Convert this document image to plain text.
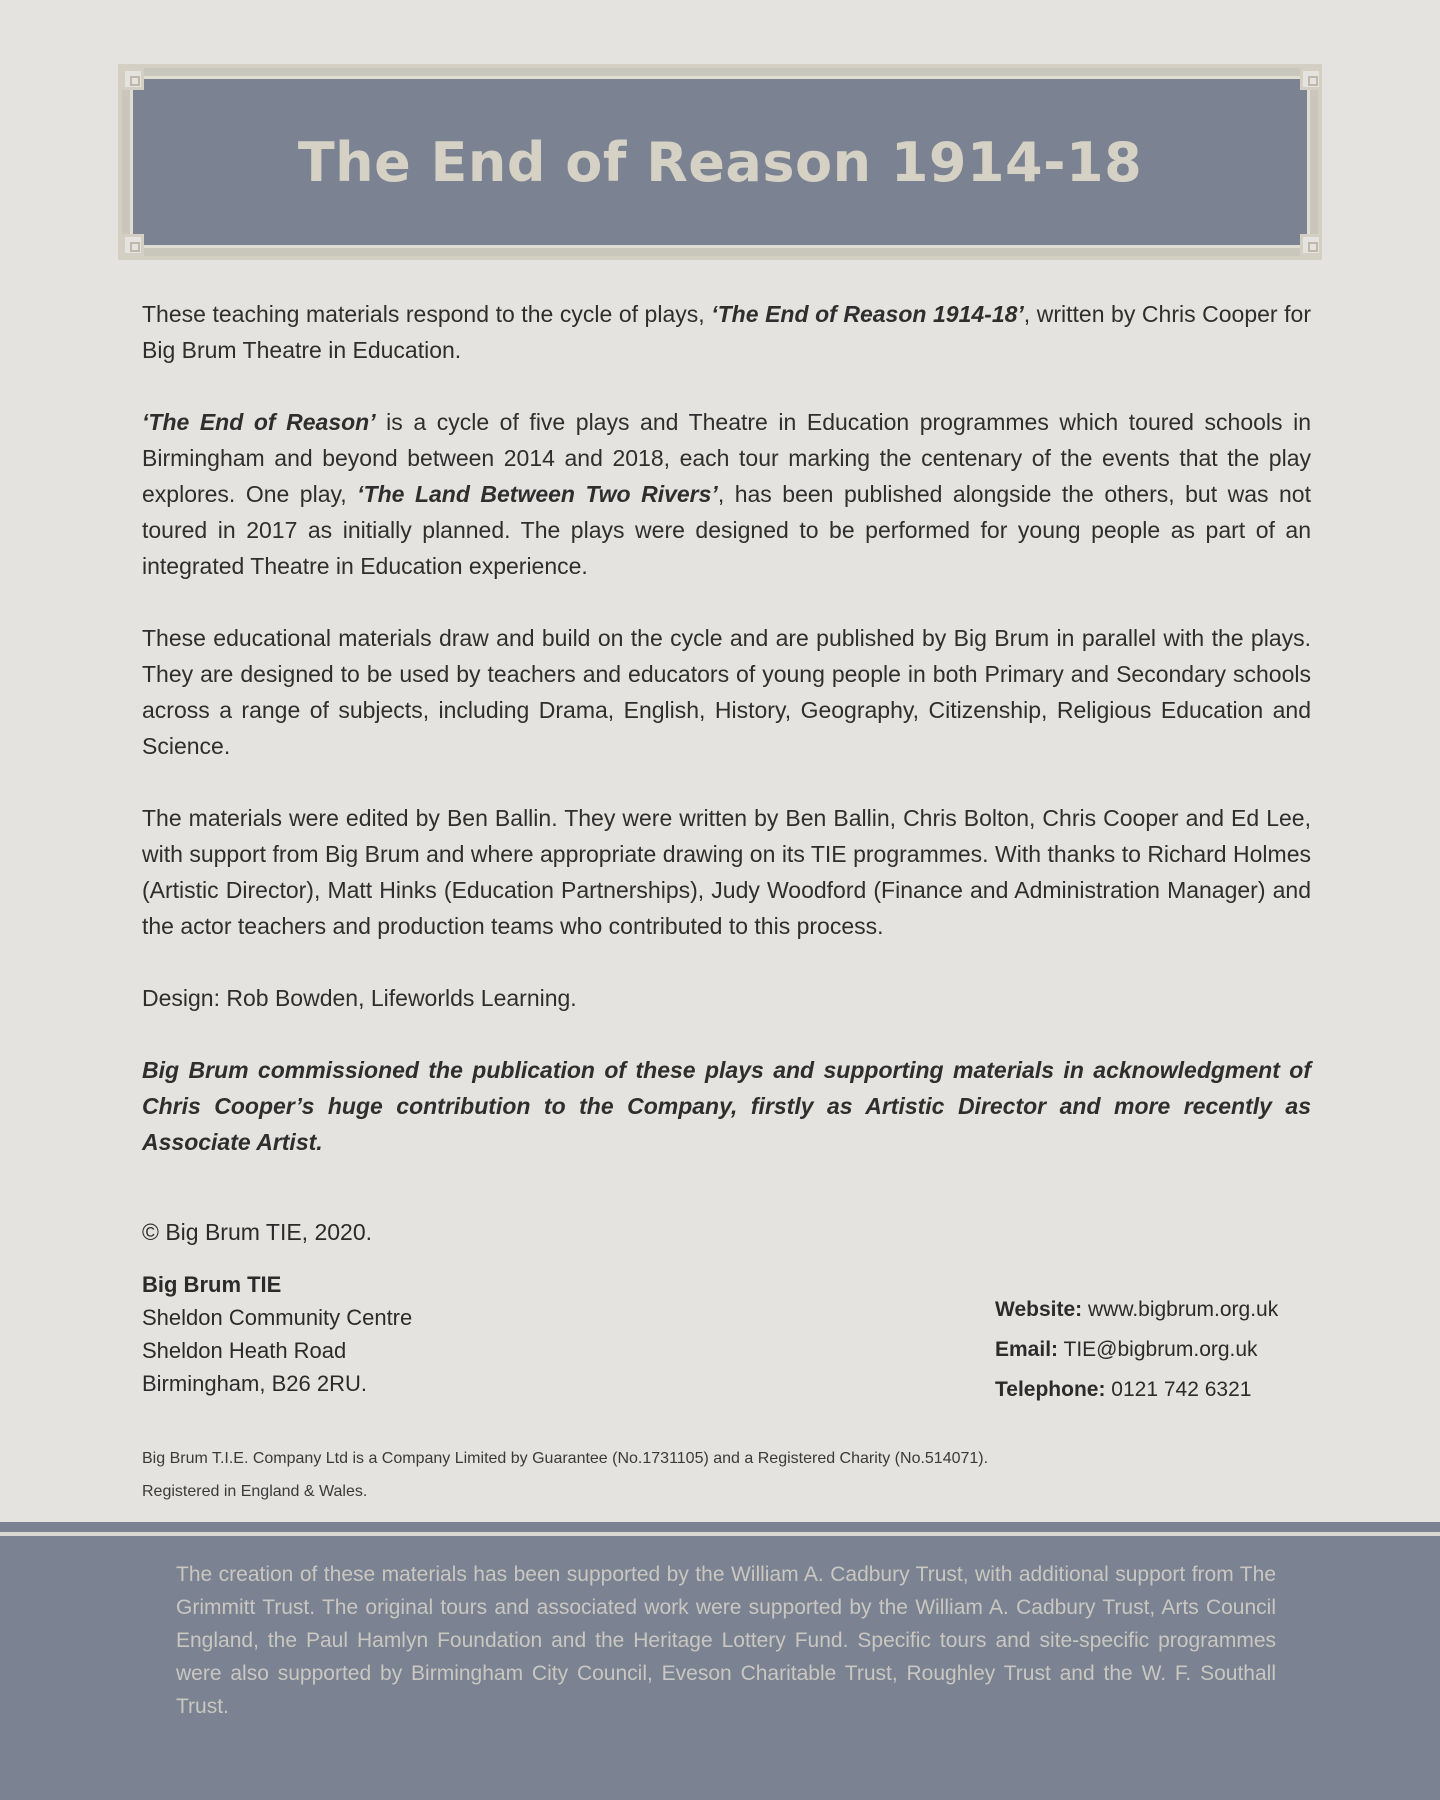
The End of Reason 1914-18

These teaching materials respond to the cycle of plays, ‘The End of Reason 1914-18’, written by Chris Cooper for Big Brum Theatre in Education.

‘The End of Reason’ is a cycle of five plays and Theatre in Education programmes which toured schools in Birmingham and beyond between 2014 and 2018, each tour marking the centenary of the events that the play explores. One play, ‘The Land Between Two Rivers’, has been published alongside the others, but was not toured in 2017 as initially planned. The plays were designed to be performed for young people as part of an integrated Theatre in Education experience.

These educational materials draw and build on the cycle and are published by Big Brum in parallel with the plays. They are designed to be used by teachers and educators of young people in both Primary and Secondary schools across a range of subjects, including Drama, English, History, Geography, Citizenship, Religious Education and Science.

The materials were edited by Ben Ballin. They were written by Ben Ballin, Chris Bolton, Chris Cooper and Ed Lee, with support from Big Brum and where appropriate drawing on its TIE programmes. With thanks to Richard Holmes (Artistic Director), Matt Hinks (Education Partnerships), Judy Woodford (Finance and Administration Manager) and the actor teachers and production teams who contributed to this process.

Design: Rob Bowden, Lifeworlds Learning.

Big Brum commissioned the publication of these plays and supporting materials in acknowledgment of Chris Cooper’s huge contribution to the Company, firstly as Artistic Director and more recently as Associate Artist.

© Big Brum TIE, 2020.
Big Brum TIE
Sheldon Community Centre
Sheldon Heath Road
Birmingham, B26 2RU.
Website: www.bigbrum.org.uk
Email: TIE@bigbrum.org.uk
Telephone: 0121 742 6321
Big Brum T.I.E. Company Ltd is a Company Limited by Guarantee (No.1731105) and a Registered Charity (No.514071).
Registered in England & Wales.
The creation of these materials has been supported by the William A. Cadbury Trust, with additional support from The Grimmitt Trust. The original tours and associated work were supported by the William A. Cadbury Trust, Arts Council England, the Paul Hamlyn Foundation and the Heritage Lottery Fund. Specific tours and site-specific programmes were also supported by Birmingham City Council, Eveson Charitable Trust, Roughley Trust and the W. F. Southall Trust.
